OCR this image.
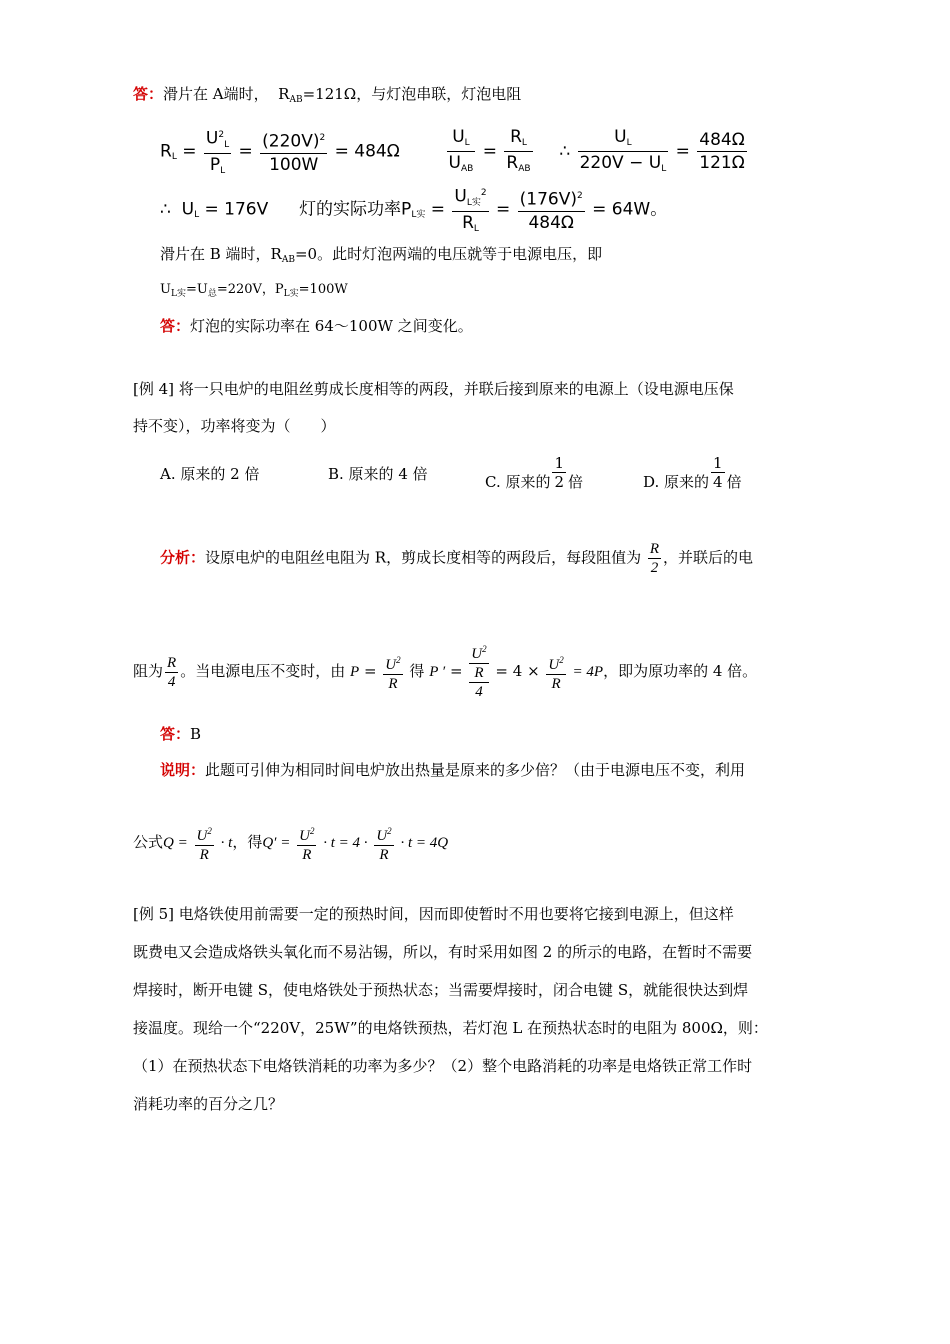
答：滑片在 A端时， $R_{AB}=121\Omega$，与灯泡串联，灯泡电阻
RL = $\frac{U^2L}{PL} = \frac{(220V)^2}{100W} = 484\Omega$	$\frac{UL}{\text{UAB}} = \frac{RL}{\text{RAB}}$ ∴ $\frac{UL}{220V - UL} = \frac{484\Omega}{121\Omega}$
∴ UL = 176V 灯的实际功率PL实 = $\frac{UL实^2}{RL} = \frac{(176V)^2}{484\Omega} = 64W$。
滑片在 B 端时，$R_{AB}=0$。此时灯泡两端的电压就等于电源电压，即
$U_{L实}=U_总=220V$，$P_{L实}=100W$
答：灯泡的实际功率在 64～100W 之间变化。
[例 4] 将一只电炉的电阻丝剪成长度相等的两段，并联后接到原来的电源上（设电源电压保
持不变），功率将变为（　　）
A. 原来的 2 倍	B. 原来的 4 倍	C. 原来的 $\frac{1}{2}$ 倍	D. 原来的 $\frac{1}{4}$ 倍
分析：设原电炉的电阻丝电阻为 R，剪成长度相等的两段后，每段阻值为 $\frac{R}{2}$ ，并联后的电
阻为 $\frac{R}{4}$ 。当电源电压不变时，由 $P = \frac{U^2}{R}$ 得 P ′ =
$U^2$
R
4
= $4 \times \frac{U^2}{R} = 4P$，即为原功率的 4 倍。
答：B
说明：此题可引伸为相同时间电炉放出热量是原来的多少倍？（由于电源电压不变，利用
公式$Q = \frac{U^2}{R} \cdot t$，得$Q' = \frac{U^2}{R} \cdot t = 4 \cdot \frac{U^2}{R} \cdot t = 4Q$
[例 5] 电烙铁使用前需要一定的预热时间，因而即使暂时不用也要将它接到电源上，但这样
既费电又会造成烙铁头氧化而不易沾锡，所以，有时采用如图 2 的所示的电路，在暂时不需要
焊接时，断开电键 S，使电烙铁处于预热状态；当需要焊接时，闭合电键 S，就能很快达到焊
接温度。现给一个“220V，25W”的电烙铁预热，若灯泡 L 在预热状态时的电阻为 800Ω，则：
（1）在预热状态下电烙铁消耗的功率为多少？（2）整个电路消耗的功率是电烙铁正常工作时
消耗功率的百分之几？
